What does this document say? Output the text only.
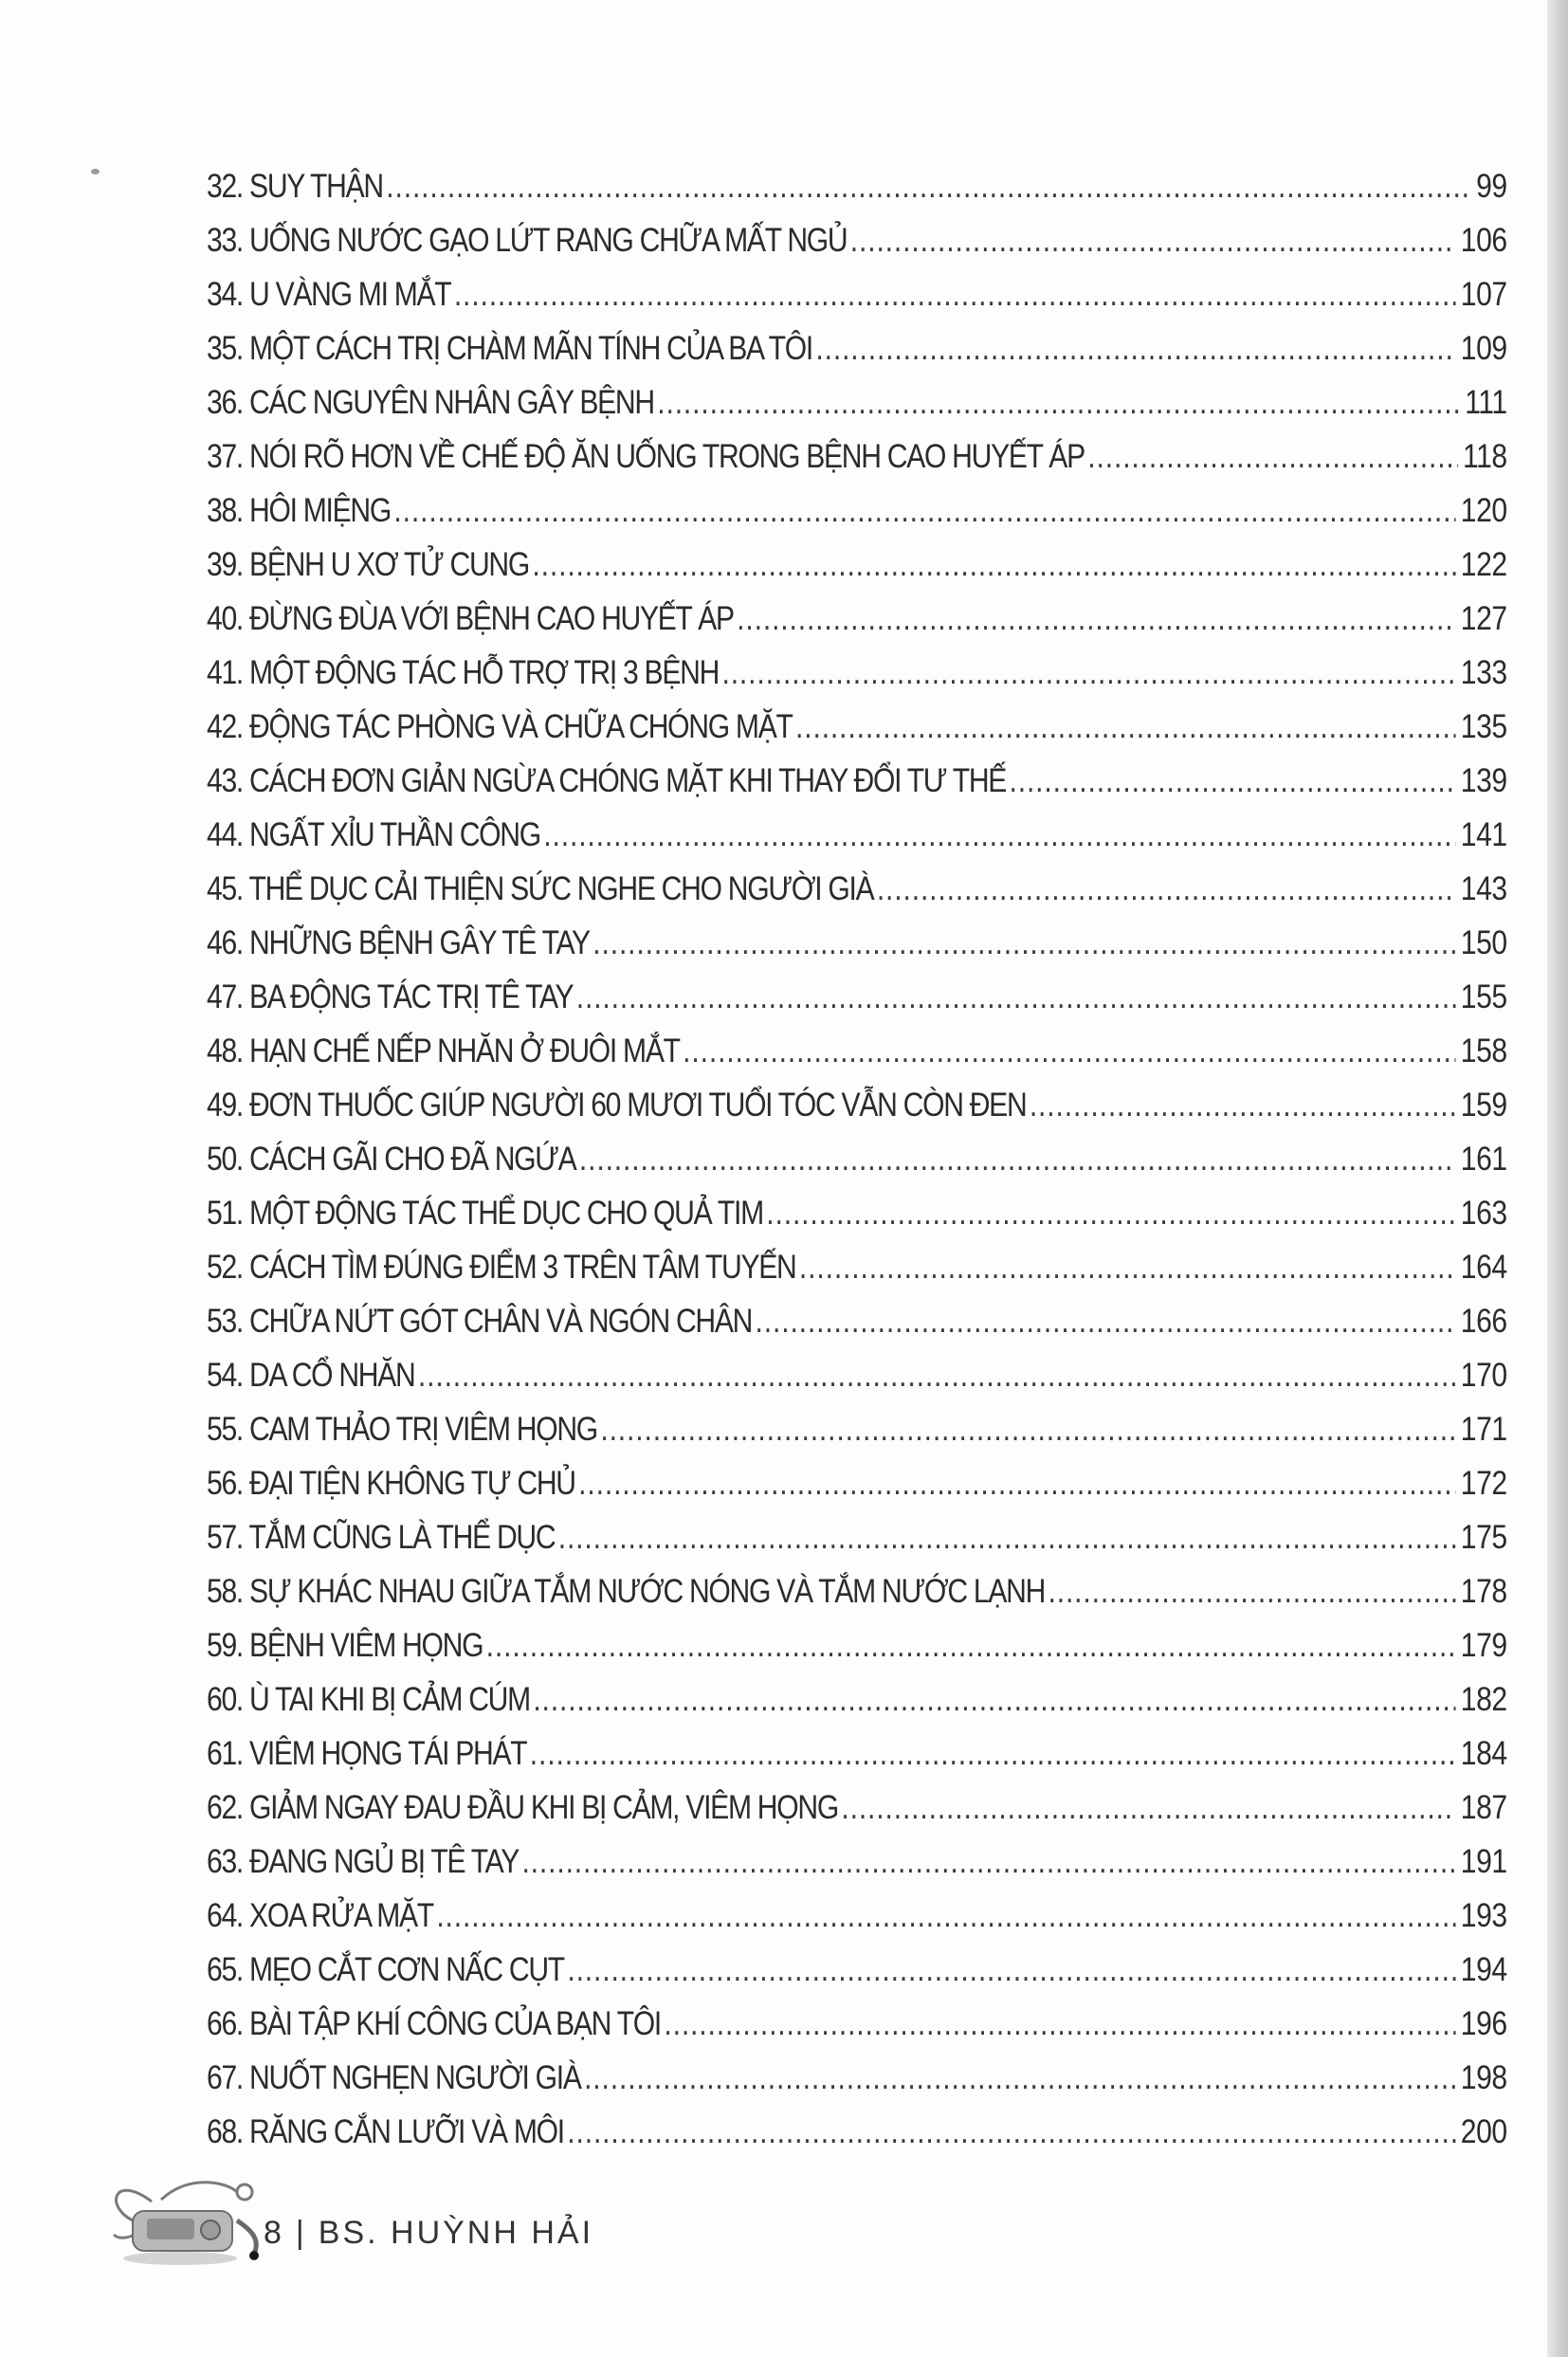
32. SUY THẬN .....	99
33. UỐNG NƯỚC GẠO LỨT RANG CHỮA MẤT NGỦ .....	106
34. U VÀNG MI MẮT .....	107
35. MỘT CÁCH TRỊ CHÀM MÃN TÍNH CỦA BA TÔI .....	109
36. CÁC NGUYÊN NHÂN GÂY BỆNH .....	111
37. NÓI RÕ HƠN VỀ CHẾ ĐỘ ĂN UỐNG TRONG BỆNH CAO HUYẾT ÁP .....	118
38. HÔI MIỆNG .....	120
39. BỆNH U XƠ TỬ CUNG .....	122
40. ĐỪNG ĐÙA VỚI BỆNH CAO HUYẾT ÁP .....	127
41. MỘT ĐỘNG TÁC HỖ TRỢ TRỊ 3 BỆNH .....	133
42. ĐỘNG TÁC PHÒNG VÀ CHỮA CHÓNG MẶT .....	135
43. CÁCH ĐƠN GIẢN NGỪA CHÓNG MẶT KHI THAY ĐỔI TƯ THẾ .....	139
44. NGẤT XỈU THẦN CÔNG .....	141
45. THỂ DỤC CẢI THIỆN SỨC NGHE CHO NGƯỜI GIÀ .....	143
46. NHỮNG BỆNH GÂY TÊ TAY .....	150
47. BA ĐỘNG TÁC TRỊ TÊ TAY .....	155
48. HẠN CHẾ NẾP NHĂN Ở ĐUÔI MẮT .....	158
49. ĐƠN THUỐC GIÚP NGƯỜI 60 MƯƠI TUỔI TÓC VẪN CÒN ĐEN .....	159
50. CÁCH GÃI CHO ĐÃ NGỨA .....	161
51. MỘT ĐỘNG TÁC THỂ DỤC CHO QUẢ TIM .....	163
52. CÁCH TÌM ĐÚNG ĐIỂM 3 TRÊN TÂM TUYẾN .....	164
53. CHỮA NỨT GÓT CHÂN VÀ NGÓN CHÂN .....	166
54. DA CỔ NHĂN .....	170
55. CAM THẢO TRỊ VIÊM HỌNG .....	171
56. ĐẠI TIỆN KHÔNG TỰ CHỦ .....	172
57. TẮM CŨNG LÀ THỂ DỤC .....	175
58. SỰ KHÁC NHAU GIỮA TẮM NƯỚC NÓNG VÀ TẮM NƯỚC LẠNH .....	178
59. BỆNH VIÊM HỌNG .....	179
60. Ù TAI KHI BỊ CẢM CÚM .....	182
61. VIÊM HỌNG TÁI PHÁT .....	184
62. GIẢM NGAY ĐAU ĐẦU KHI BỊ CẢM, VIÊM HỌNG .....	187
63. ĐANG NGỦ BỊ TÊ TAY .....	191
64. XOA RỬA MẶT .....	193
65. MẸO CẮT CƠN NẤC CỤT .....	194
66. BÀI TẬP KHÍ CÔNG CỦA BẠN TÔI .....	196
67. NUỐT NGHẸN NGƯỜI GIÀ .....	198
68. RĂNG CẮN LƯỠI VÀ MÔI .....	200
8 | BS. HUỲNH HẢI
